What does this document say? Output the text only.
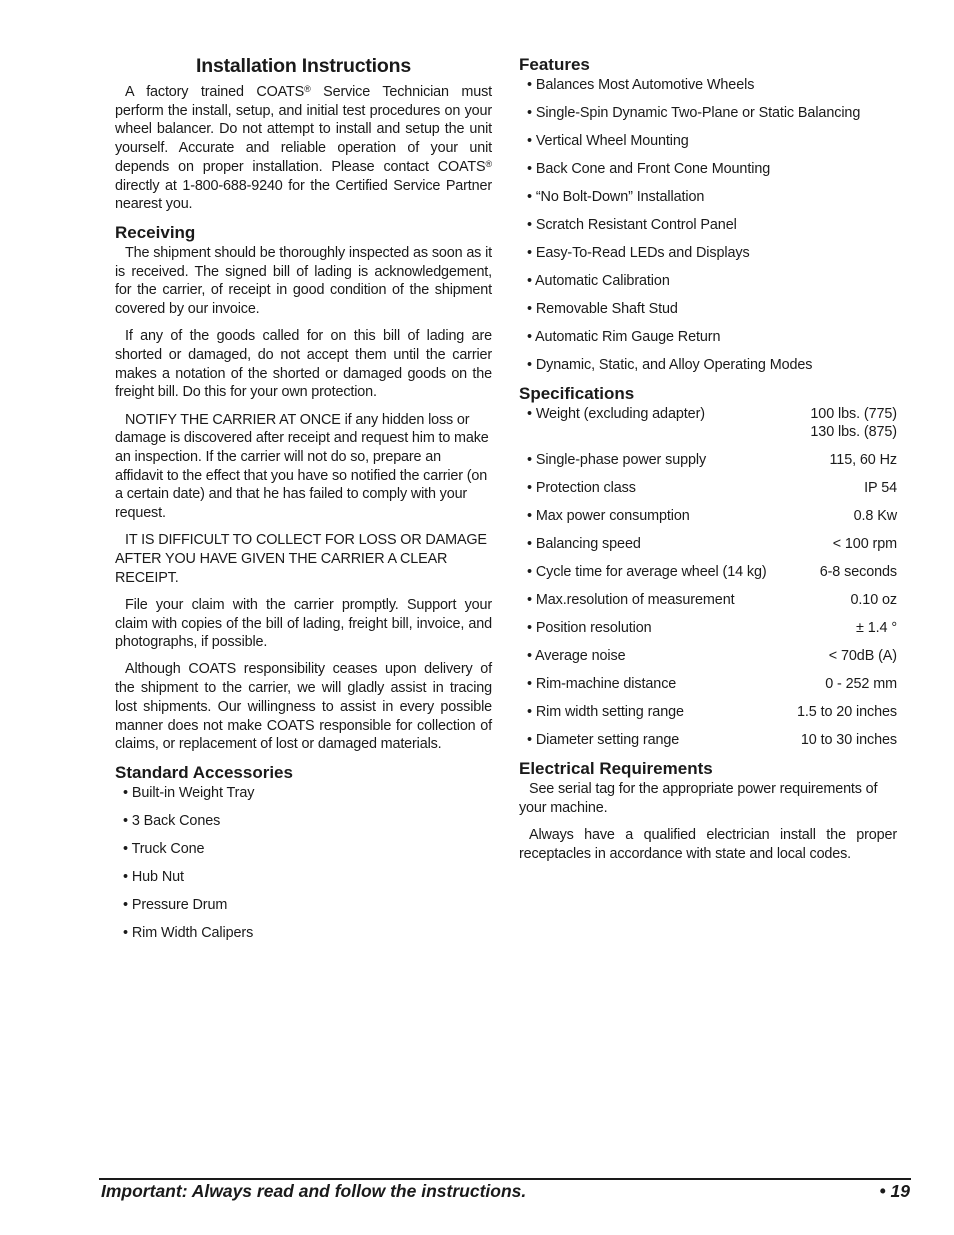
Installation Instructions

A factory trained COATS® Service Technician must perform the install, setup, and initial test procedures on your wheel balancer. Do not attempt to install and setup the unit yourself. Accurate and reliable operation of your unit depends on proper installation. Please contact COATS® directly at 1-800-688-9240 for the Certified Service Partner nearest you.

Receiving

The shipment should be thoroughly inspected as soon as it is received. The signed bill of lading is acknowledgement, for the carrier, of receipt in good condition of the shipment covered by our invoice.

If any of the goods called for on this bill of lading are shorted or damaged, do not accept them until the carrier makes a notation of the shorted or damaged goods on the freight bill. Do this for your own protection.

NOTIFY THE CARRIER AT ONCE if any hidden loss or damage is discovered after receipt and request him to make an inspection. If the carrier will not do so, prepare an affidavit to the effect that you have so notified the carrier (on a certain date) and that he has failed to comply with your request.

IT IS DIFFICULT TO COLLECT FOR LOSS OR DAMAGE AFTER YOU HAVE GIVEN THE CARRIER A CLEAR RECEIPT.

File your claim with the carrier promptly. Support your claim with copies of the bill of lading, freight bill, invoice, and photographs, if possible.

Although COATS responsibility ceases upon delivery of the shipment to the carrier, we will gladly assist in tracing lost shipments. Our willingness to assist in every possible manner does not make COATS responsible for collection of claims, or replacement of lost or damaged materials.

Standard Accessories
• Built-in Weight Tray
• 3 Back Cones
• Truck Cone
• Hub Nut
• Pressure Drum
• Rim Width Calipers
Features
• Balances Most Automotive Wheels
• Single-Spin Dynamic Two-Plane or Static Balancing
• Vertical Wheel Mounting
• Back Cone and Front Cone Mounting
• “No Bolt-Down” Installation
• Scratch Resistant Control Panel
• Easy-To-Read LEDs and Displays
• Automatic Calibration
• Removable Shaft Stud
• Automatic Rim Gauge Return
• Dynamic, Static, and Alloy Operating Modes
Specifications
• Weight (excluding adapter)	100 lbs. (775)
130 lbs. (875)
• Single-phase power supply	115, 60 Hz
• Protection class	IP 54
• Max power consumption	0.8 Kw
• Balancing speed	< 100 rpm
• Cycle time for average wheel (14 kg)	6-8 seconds
• Max.resolution of measurement	0.10 oz
• Position resolution	± 1.4 °
• Average noise	< 70dB (A)
• Rim-machine distance	0 - 252 mm
• Rim width setting range	1.5 to 20 inches
• Diameter setting range	10 to 30 inches
Electrical Requirements

See serial tag for the appropriate power requirements of your machine.

Always have a qualified electrician install the proper receptacles in accordance with state and local codes.

Important: Always read and follow the instructions.	• 19
